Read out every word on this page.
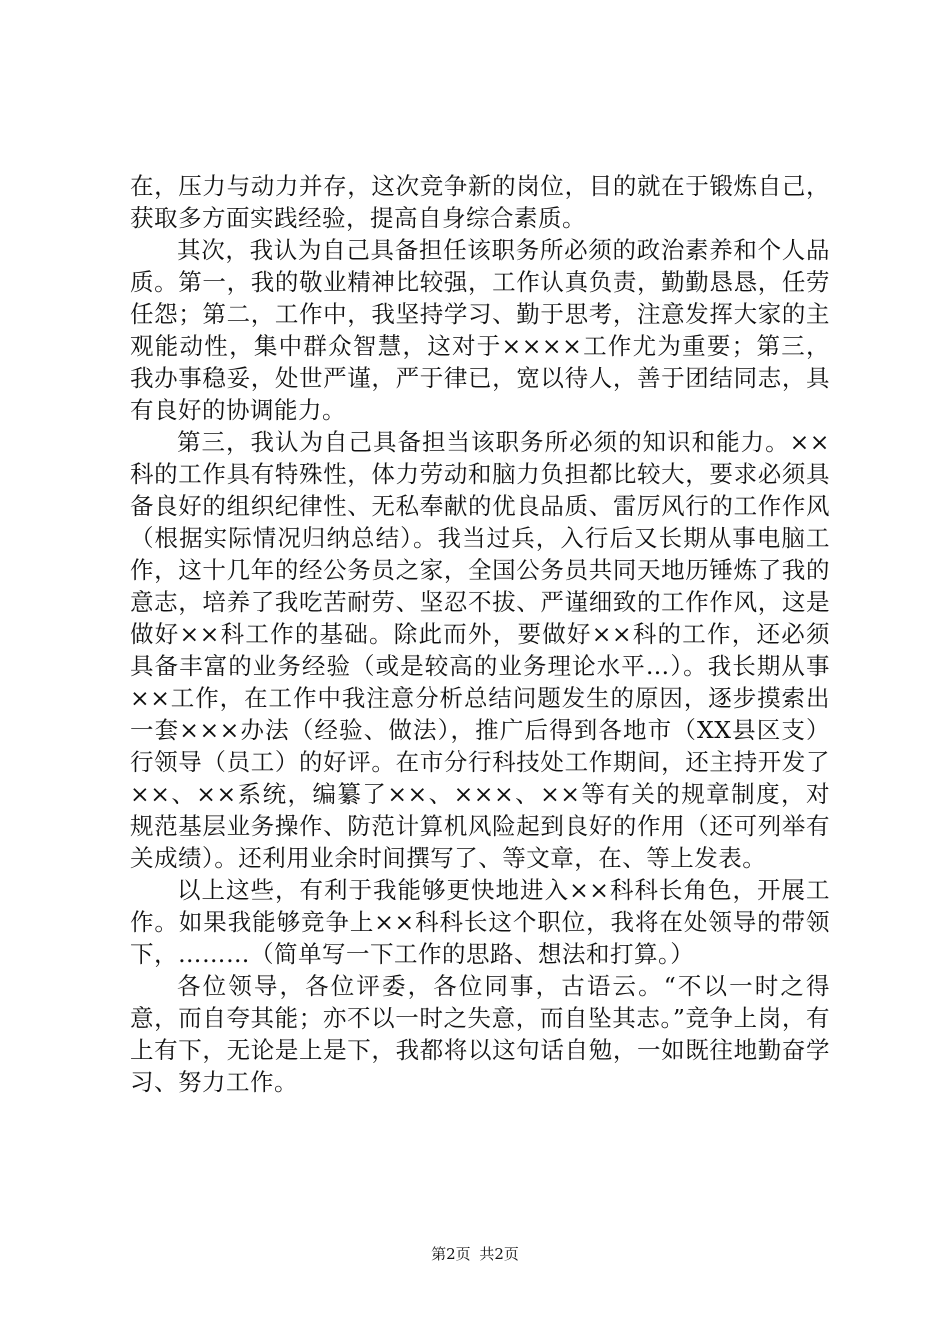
在，压力与动力并存，这次竞争新的岗位，目的就在于锻炼自己，获取多方面实践经验，提高自身综合素质。

其次，我认为自己具备担任该职务所必须的政治素养和个人品质。第一，我的敬业精神比较强，工作认真负责，勤勤恳恳，任劳任怨；第二，工作中，我坚持学习、勤于思考，注意发挥大家的主观能动性，集中群众智慧，这对于××××工作尤为重要；第三，我办事稳妥，处世严谨，严于律已，宽以待人，善于团结同志，具有良好的协调能力。

第三，我认为自己具备担当该职务所必须的知识和能力。××科的工作具有特殊性，体力劳动和脑力负担都比较大，要求必须具备良好的组织纪律性、无私奉献的优良品质、雷厉风行的工作作风（根据实际情况归纳总结）。我当过兵，入行后又长期从事电脑工作，这十几年的经公务员之家，全国公务员共同天地历锤炼了我的意志，培养了我吃苦耐劳、坚忍不拔、严谨细致的工作作风，这是做好××科工作的基础。除此而外，要做好××科的工作，还必须具备丰富的业务经验（或是较高的业务理论水平…）。我长期从事××工作，在工作中我注意分析总结问题发生的原因，逐步摸索出一套×××办法（经验、做法），推广后得到各地市（XX县区支）行领导（员工）的好评。在市分行科技处工作期间，还主持开发了××、××系统，编纂了××、×××、××等有关的规章制度，对规范基层业务操作、防范计算机风险起到良好的作用（还可列举有关成绩）。还利用业余时间撰写了、等文章，在、等上发表。

以上这些，有利于我能够更快地进入××科科长角色，开展工作。如果我能够竞争上××科科长这个职位，我将在处领导的带领下，………（简单写一下工作的思路、想法和打算。）

各位领导，各位评委，各位同事，古语云。“不以一时之得意，而自夸其能；亦不以一时之失意，而自坠其志。”竞争上岗，有上有下，无论是上是下，我都将以这句话自勉，一如既往地勤奋学习、努力工作。

第2页 共2页
